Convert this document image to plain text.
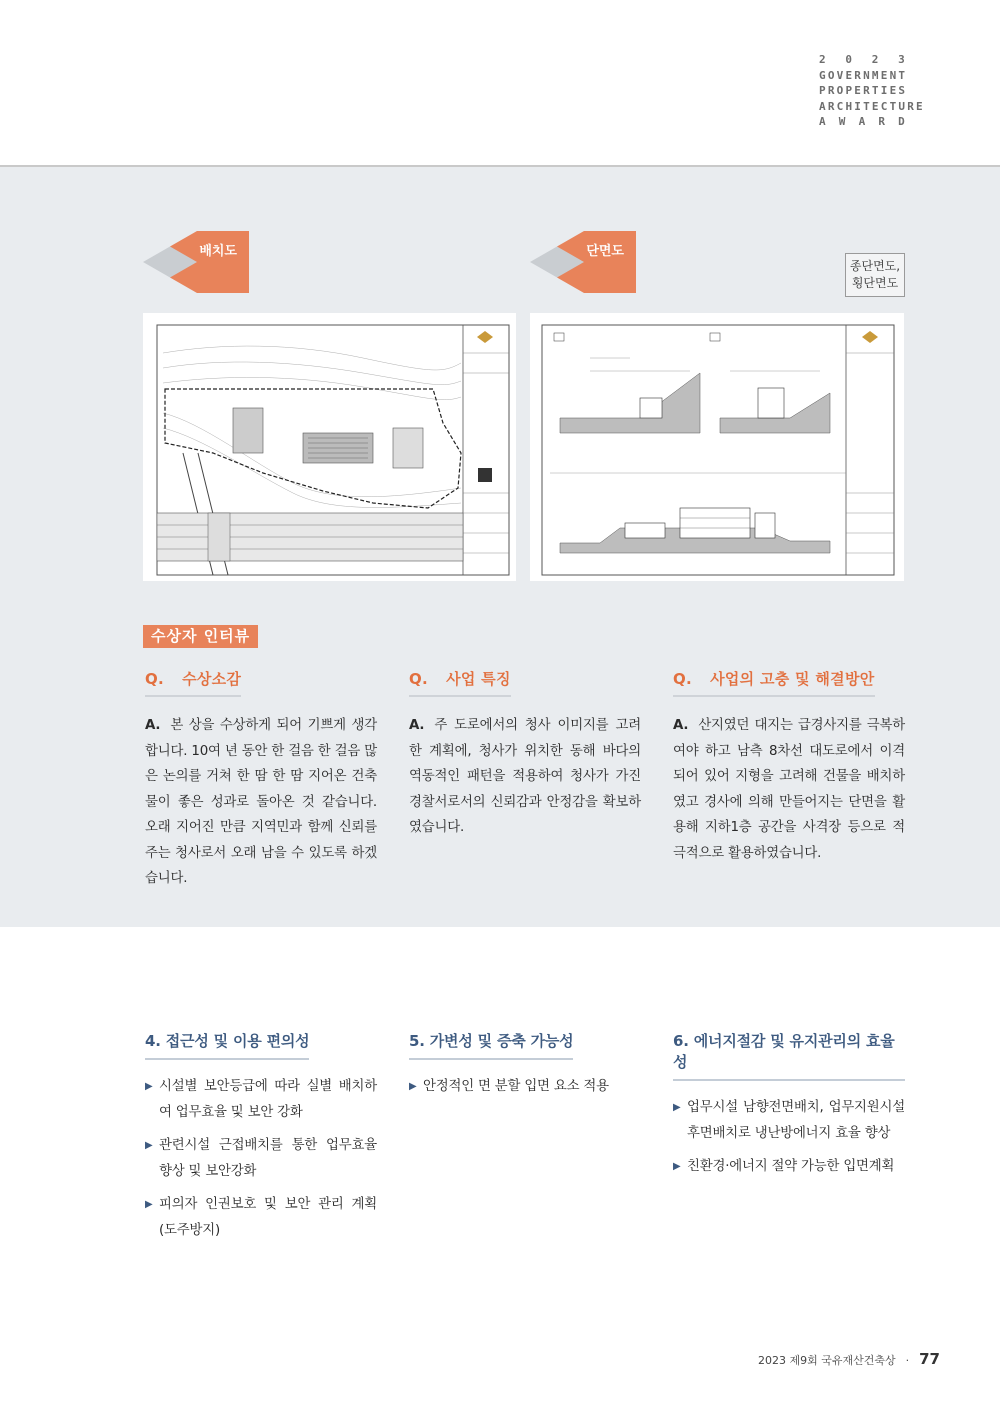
2 0 2 3
GOVERNMENT
PROPERTIES
ARCHITECTURE
A W A R D
배치도	단면도
종단면도,
횡단면도
수상자 인터뷰
Q. 수상소감
A. 본 상을 수상하게 되어 기쁘게 생각합니다. 10여 년 동안 한 걸음 한 걸음 많은 논의를 거쳐 한 땀 한 땀 지어온 건축물이 좋은 성과로 돌아온 것 같습니다. 오래 지어진 만큼 지역민과 함께 신뢰를 주는 청사로서 오래 남을 수 있도록 하겠습니다.
Q. 사업 특징
A. 주 도로에서의 청사 이미지를 고려한 계획에, 청사가 위치한 동해 바다의 역동적인 패턴을 적용하여 청사가 가진 경찰서로서의 신뢰감과 안정감을 확보하였습니다.
Q. 사업의 고충 및 해결방안
A. 산지였던 대지는 급경사지를 극복하여야 하고 남측 8차선 대도로에서 이격되어 있어 지형을 고려해 건물을 배치하였고 경사에 의해 만들어지는 단면을 활용해 지하1층 공간을 사격장 등으로 적극적으로 활용하였습니다.
4. 접근성 및 이용 편의성
▶ 시설별 보안등급에 따라 실별 배치하여 업무효율 및 보안 강화
▶ 관련시설 근접배치를 통한 업무효율 향상 및 보안강화
▶ 피의자 인권보호 및 보안 관리 계획 (도주방지)
5. 가변성 및 증축 가능성
▶ 안정적인 면 분할 입면 요소 적용
6. 에너지절감 및 유지관리의 효율성
▶ 업무시설 남향전면배치, 업무지원시설 후면배치로 냉난방에너지 효율 향상
▶ 친환경·에너지 절약 가능한 입면계획
2023 제9회 국유재산건축상 · 77
